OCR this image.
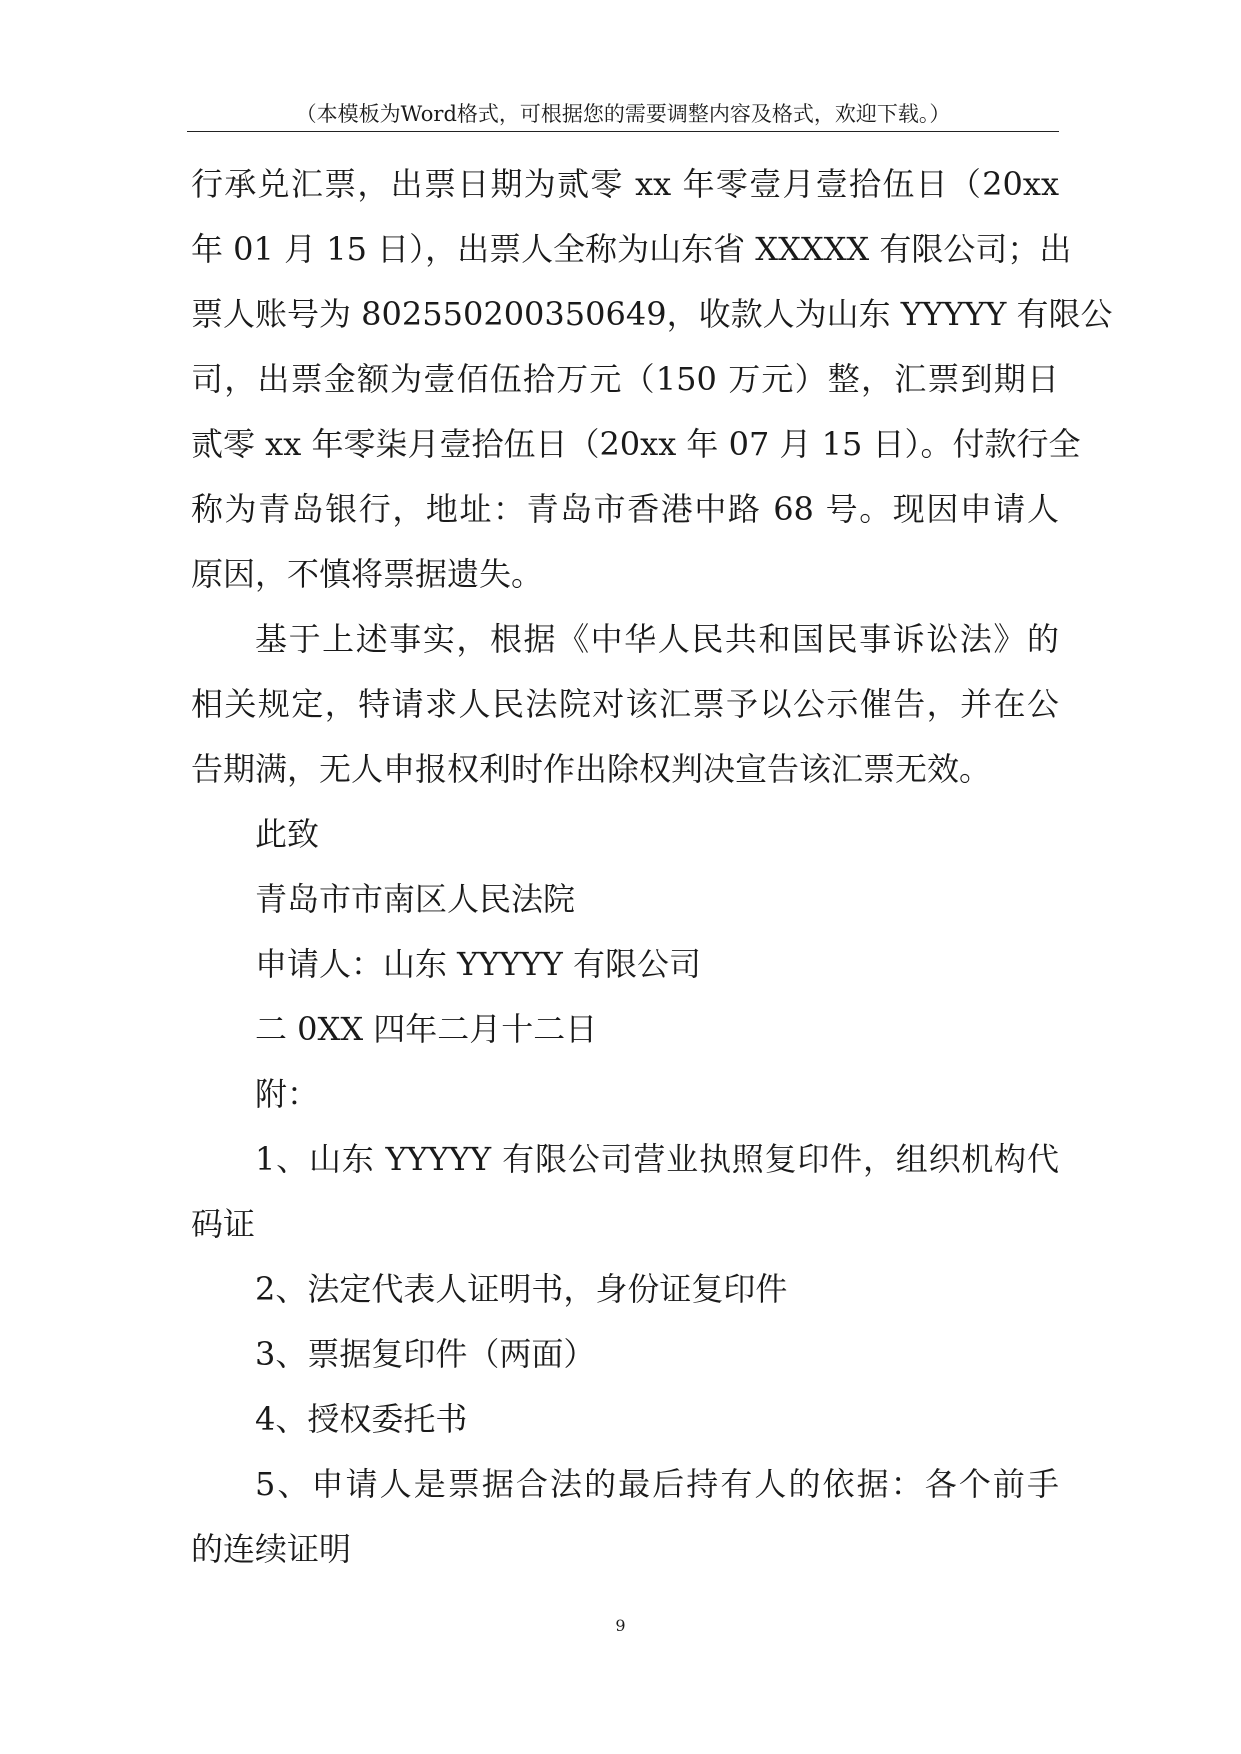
（本模板为Word格式，可根据您的需要调整内容及格式，欢迎下载。）
行承兑汇票，出票日期为贰零 xx 年零壹月壹拾伍日（20xx
年 01 月 15 日），出票人全称为山东省 XXXXX 有限公司；出
票人账号为 802550200350649，收款人为山东 YYYYY 有限公
司，出票金额为壹佰伍拾万元（150 万元）整，汇票到期日
贰零 xx 年零柒月壹拾伍日（20xx 年 07 月 15 日）。付款行全
称为青岛银行，地址：青岛市香港中路 68 号。现因申请人
原因，不慎将票据遗失。
基于上述事实，根据《中华人民共和国民事诉讼法》的
相关规定，特请求人民法院对该汇票予以公示催告，并在公
告期满，无人申报权利时作出除权判决宣告该汇票无效。

此致

青岛市市南区人民法院

申请人：山东 YYYYY 有限公司

二 0XX 四年二月十二日

附：

1、山东 YYYYY 有限公司营业执照复印件，组织机构代
码证

2、法定代表人证明书，身份证复印件

3、票据复印件（两面）

4、授权委托书

5、申请人是票据合法的最后持有人的依据：各个前手
的连续证明
9
